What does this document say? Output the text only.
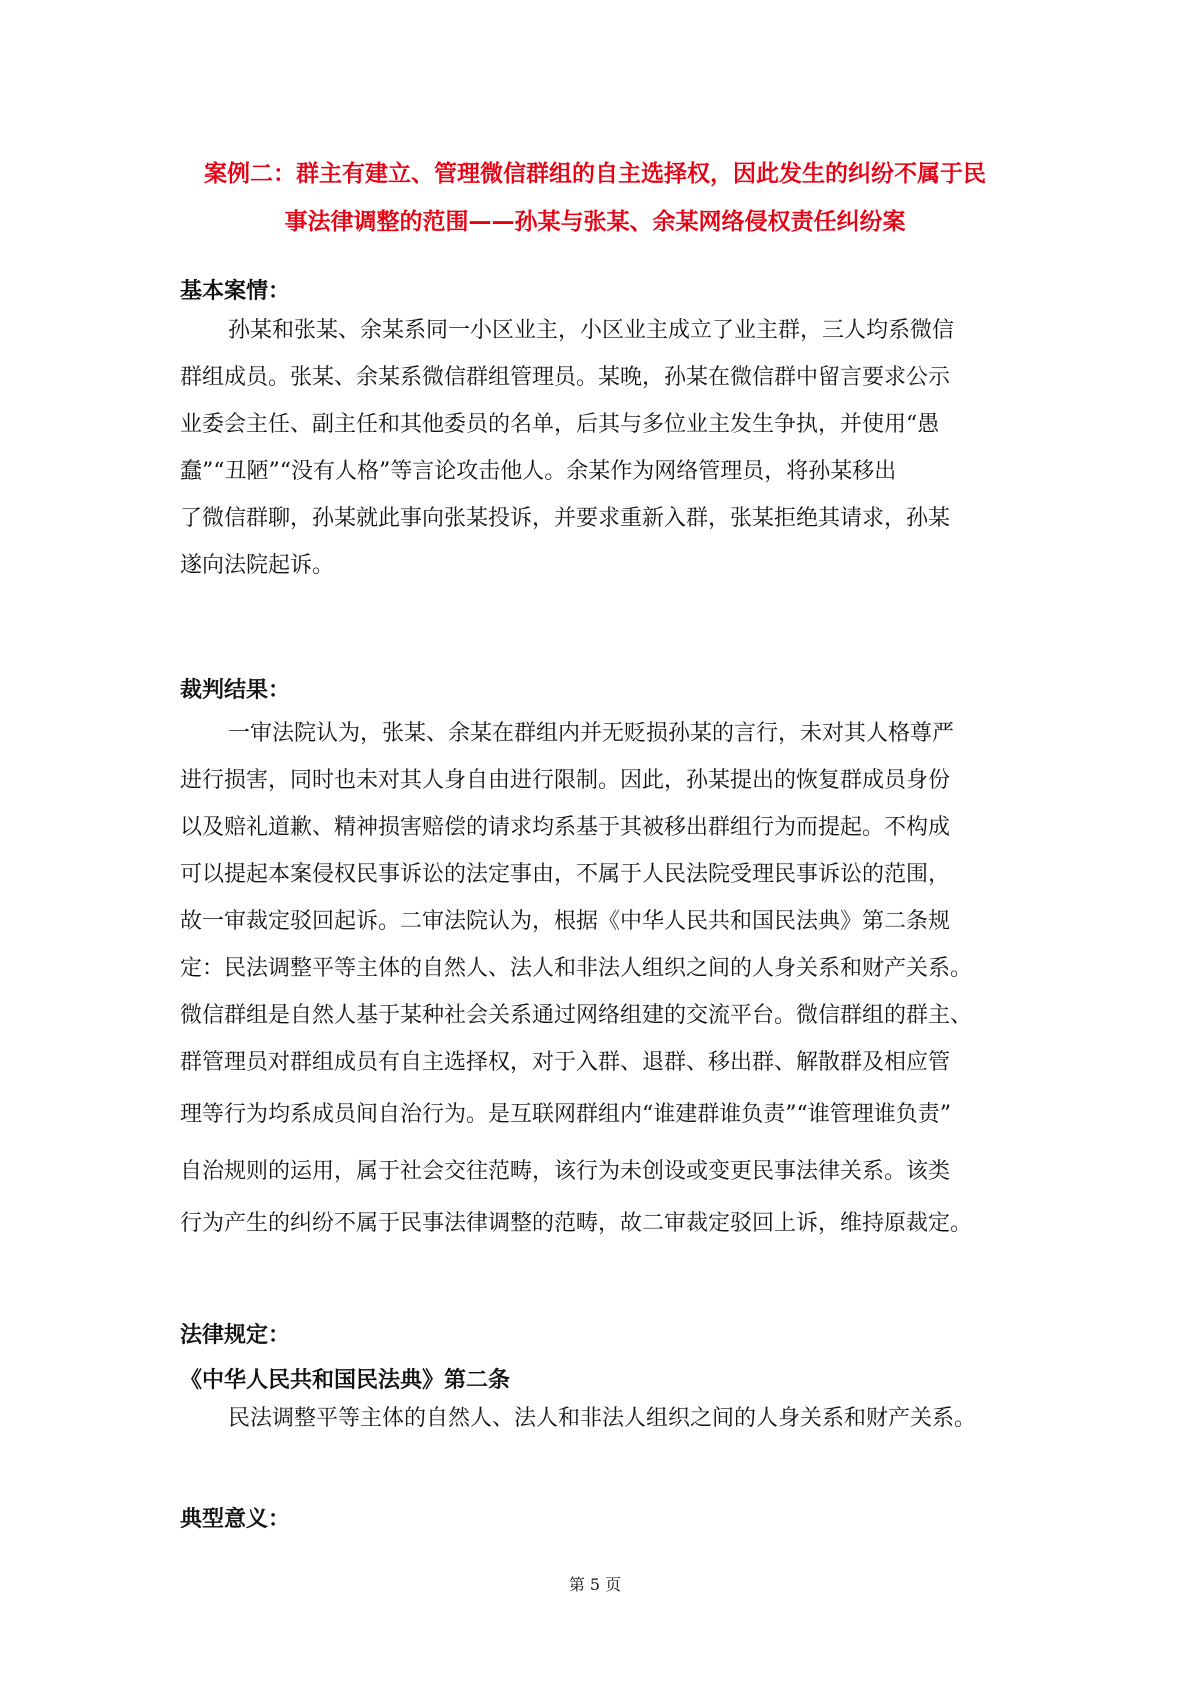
案例二：群主有建立、管理微信群组的自主选择权，因此发生的纠纷不属于民
事法律调整的范围——孙某与张某、余某网络侵权责任纠纷案
基本案情：
孙某和张某、余某系同一小区业主，小区业主成立了业主群，三人均系微信
群组成员。张某、余某系微信群组管理员。某晚，孙某在微信群中留言要求公示
业委会主任、副主任和其他委员的名单，后其与多位业主发生争执，并使用“愚
蠢”“丑陋”“没有人格”等言论攻击他人。余某作为网络管理员，将孙某移出
了微信群聊，孙某就此事向张某投诉，并要求重新入群，张某拒绝其请求，孙某
遂向法院起诉。
裁判结果：
一审法院认为，张某、余某在群组内并无贬损孙某的言行，未对其人格尊严
进行损害，同时也未对其人身自由进行限制。因此，孙某提出的恢复群成员身份
以及赔礼道歉、精神损害赔偿的请求均系基于其被移出群组行为而提起。不构成
可以提起本案侵权民事诉讼的法定事由，不属于人民法院受理民事诉讼的范围，
故一审裁定驳回起诉。二审法院认为，根据《中华人民共和国民法典》第二条规
定：民法调整平等主体的自然人、法人和非法人组织之间的人身关系和财产关系。
微信群组是自然人基于某种社会关系通过网络组建的交流平台。微信群组的群主、
群管理员对群组成员有自主选择权，对于入群、退群、移出群、解散群及相应管
理等行为均系成员间自治行为。是互联网群组内“谁建群谁负责”“谁管理谁负责”
自治规则的运用，属于社会交往范畴，该行为未创设或变更民事法律关系。该类
行为产生的纠纷不属于民事法律调整的范畴，故二审裁定驳回上诉，维持原裁定。
法律规定：
《中华人民共和国民法典》第二条
民法调整平等主体的自然人、法人和非法人组织之间的人身关系和财产关系。
典型意义：
第 5 页
